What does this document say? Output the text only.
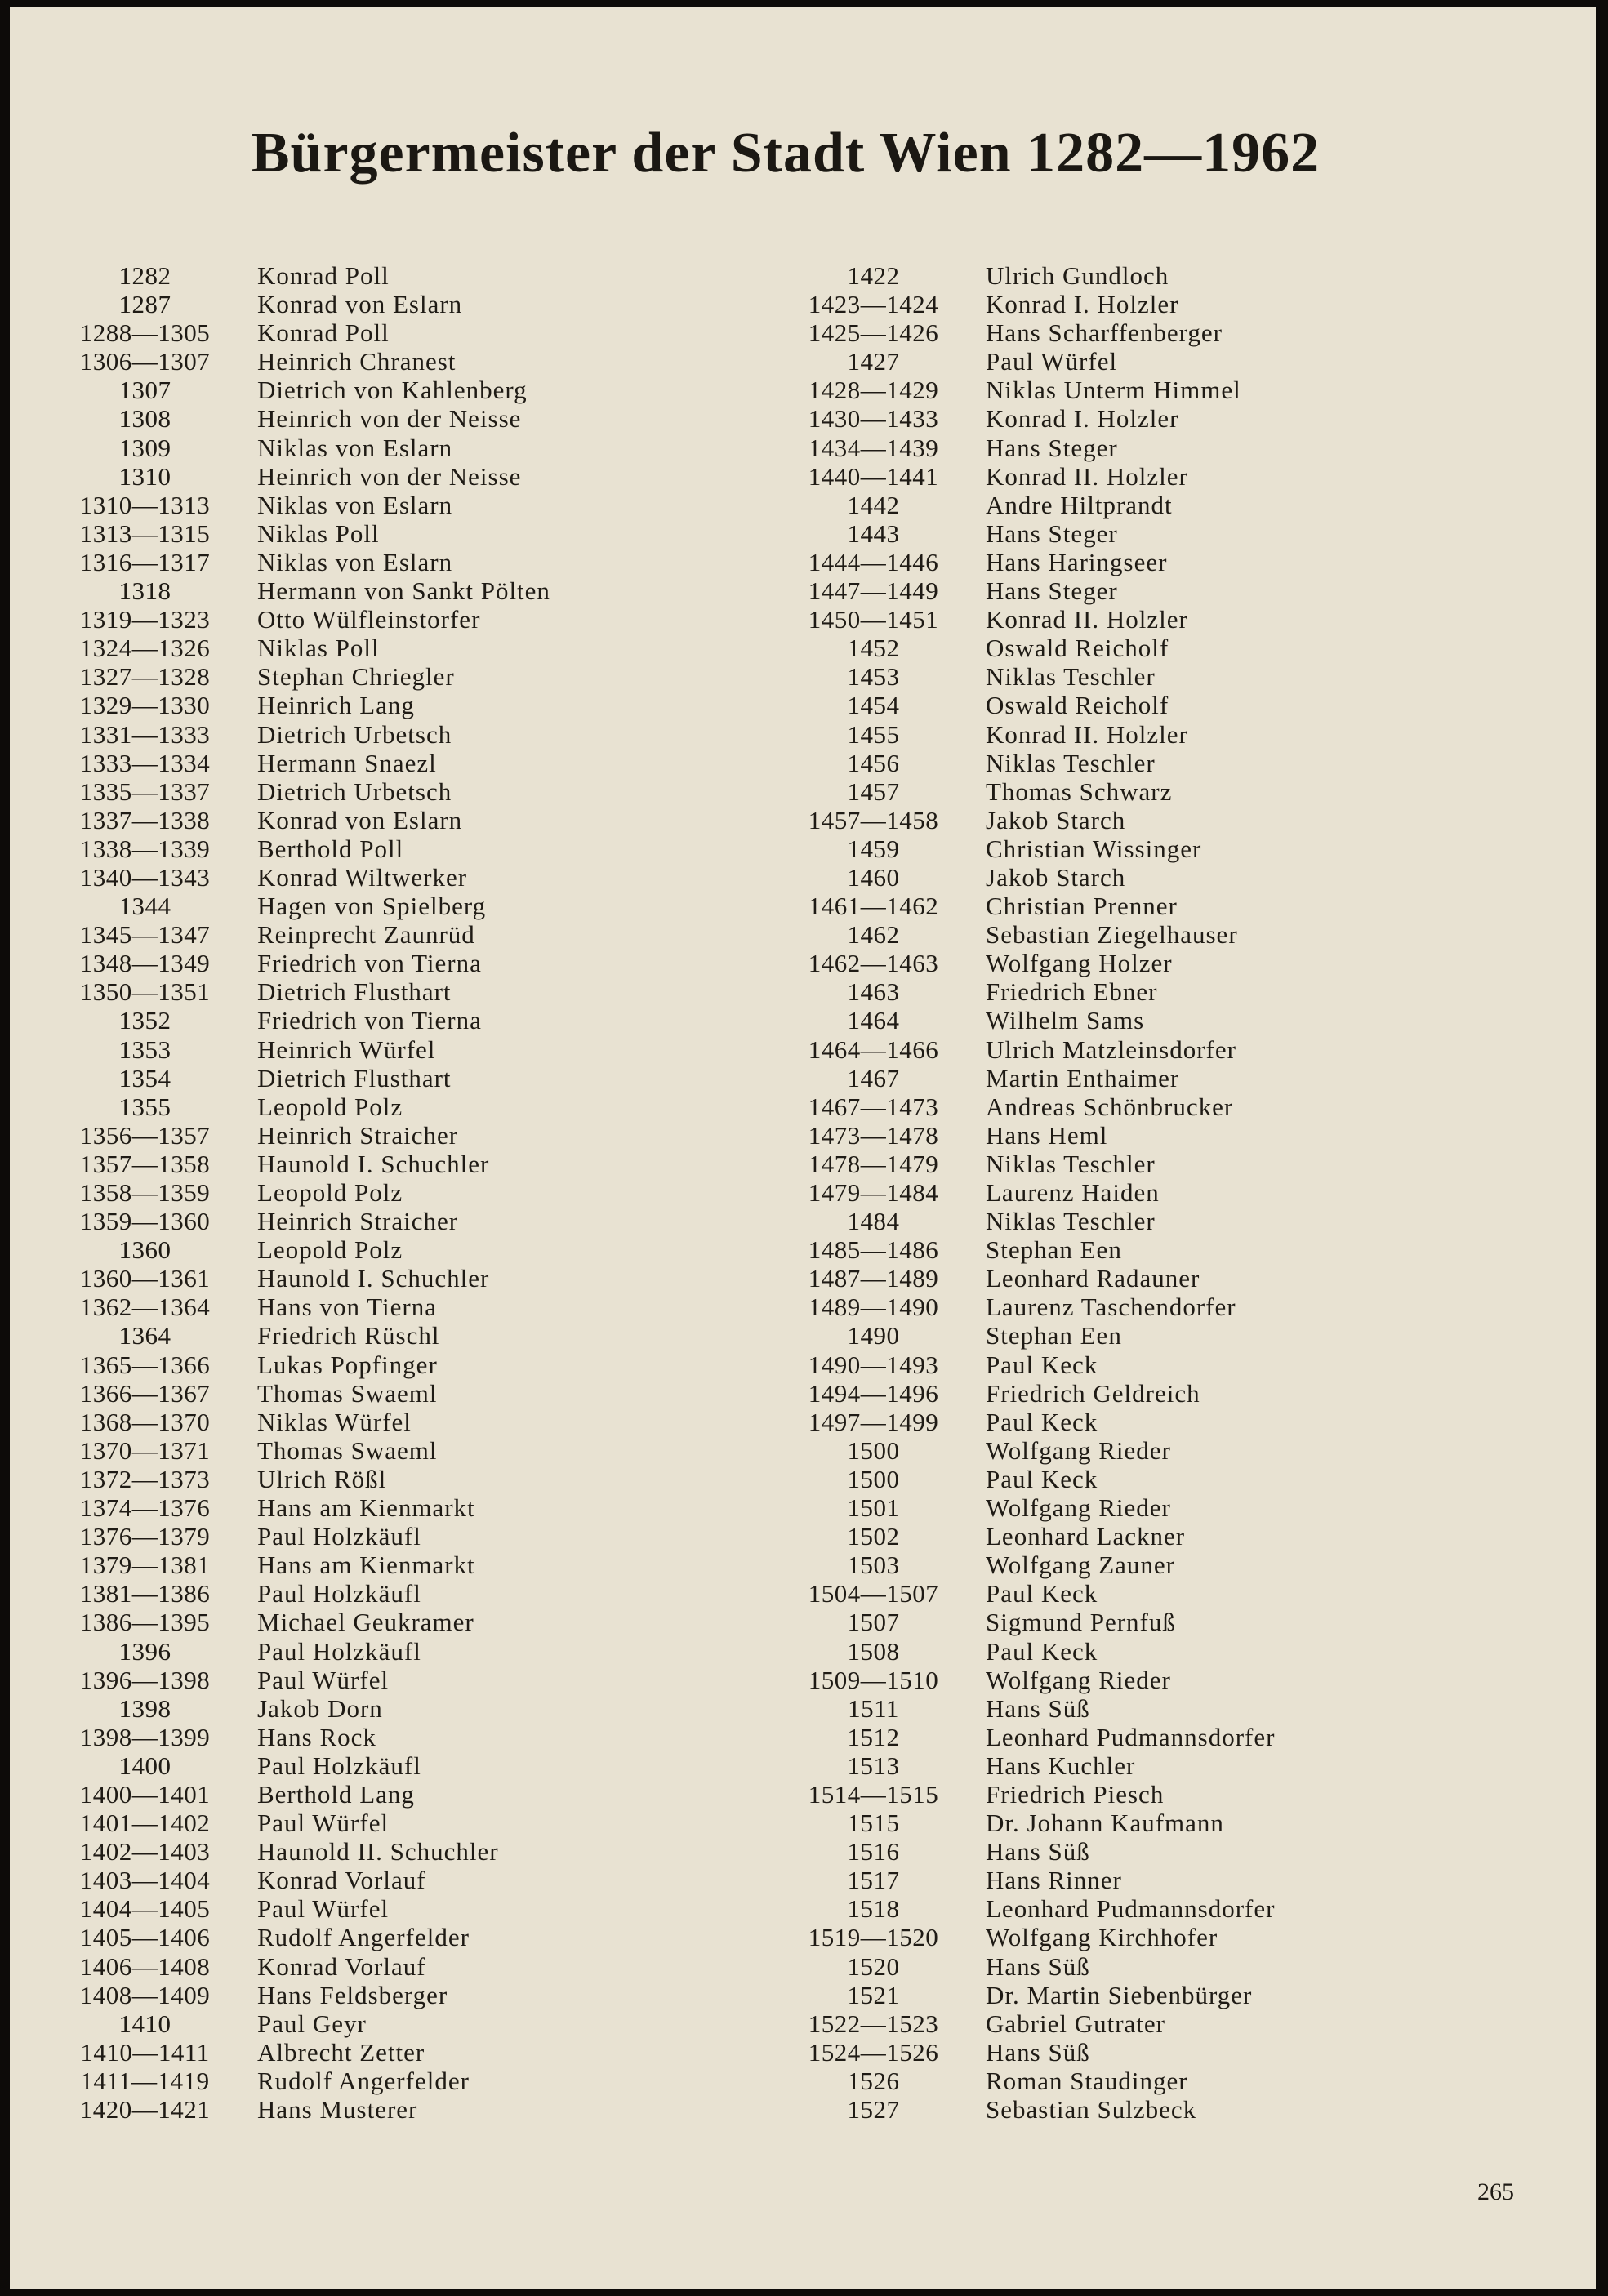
Bürgermeister der Stadt Wien 1282—1962
1282	Konrad Poll
1287	Konrad von Eslarn
1288—1305	Konrad Poll
1306—1307	Heinrich Chranest
1307	Dietrich von Kahlenberg
1308	Heinrich von der Neisse
1309	Niklas von Eslarn
1310	Heinrich von der Neisse
1310—1313	Niklas von Eslarn
1313—1315	Niklas Poll
1316—1317	Niklas von Eslarn
1318	Hermann von Sankt Pölten
1319—1323	Otto Wülfleinstorfer
1324—1326	Niklas Poll
1327—1328	Stephan Chriegler
1329—1330	Heinrich Lang
1331—1333	Dietrich Urbetsch
1333—1334	Hermann Snaezl
1335—1337	Dietrich Urbetsch
1337—1338	Konrad von Eslarn
1338—1339	Berthold Poll
1340—1343	Konrad Wiltwerker
1344	Hagen von Spielberg
1345—1347	Reinprecht Zaunrüd
1348—1349	Friedrich von Tierna
1350—1351	Dietrich Flusthart
1352	Friedrich von Tierna
1353	Heinrich Würfel
1354	Dietrich Flusthart
1355	Leopold Polz
1356—1357	Heinrich Straicher
1357—1358	Haunold I. Schuchler
1358—1359	Leopold Polz
1359—1360	Heinrich Straicher
1360	Leopold Polz
1360—1361	Haunold I. Schuchler
1362—1364	Hans von Tierna
1364	Friedrich Rüschl
1365—1366	Lukas Popfinger
1366—1367	Thomas Swaeml
1368—1370	Niklas Würfel
1370—1371	Thomas Swaeml
1372—1373	Ulrich Rößl
1374—1376	Hans am Kienmarkt
1376—1379	Paul Holzkäufl
1379—1381	Hans am Kienmarkt
1381—1386	Paul Holzkäufl
1386—1395	Michael Geukramer
1396	Paul Holzkäufl
1396—1398	Paul Würfel
1398	Jakob Dorn
1398—1399	Hans Rock
1400	Paul Holzkäufl
1400—1401	Berthold Lang
1401—1402	Paul Würfel
1402—1403	Haunold II. Schuchler
1403—1404	Konrad Vorlauf
1404—1405	Paul Würfel
1405—1406	Rudolf Angerfelder
1406—1408	Konrad Vorlauf
1408—1409	Hans Feldsberger
1410	Paul Geyr
1410—1411	Albrecht Zetter
1411—1419	Rudolf Angerfelder
1420—1421	Hans Musterer
1422	Ulrich Gundloch
1423—1424	Konrad I. Holzler
1425—1426	Hans Scharffenberger
1427	Paul Würfel
1428—1429	Niklas Unterm Himmel
1430—1433	Konrad I. Holzler
1434—1439	Hans Steger
1440—1441	Konrad II. Holzler
1442	Andre Hiltprandt
1443	Hans Steger
1444—1446	Hans Haringseer
1447—1449	Hans Steger
1450—1451	Konrad II. Holzler
1452	Oswald Reicholf
1453	Niklas Teschler
1454	Oswald Reicholf
1455	Konrad II. Holzler
1456	Niklas Teschler
1457	Thomas Schwarz
1457—1458	Jakob Starch
1459	Christian Wissinger
1460	Jakob Starch
1461—1462	Christian Prenner
1462	Sebastian Ziegelhauser
1462—1463	Wolfgang Holzer
1463	Friedrich Ebner
1464	Wilhelm Sams
1464—1466	Ulrich Matzleinsdorfer
1467	Martin Enthaimer
1467—1473	Andreas Schönbrucker
1473—1478	Hans Heml
1478—1479	Niklas Teschler
1479—1484	Laurenz Haiden
1484	Niklas Teschler
1485—1486	Stephan Een
1487—1489	Leonhard Radauner
1489—1490	Laurenz Taschendorfer
1490	Stephan Een
1490—1493	Paul Keck
1494—1496	Friedrich Geldreich
1497—1499	Paul Keck
1500	Wolfgang Rieder
1500	Paul Keck
1501	Wolfgang Rieder
1502	Leonhard Lackner
1503	Wolfgang Zauner
1504—1507	Paul Keck
1507	Sigmund Pernfuß
1508	Paul Keck
1509—1510	Wolfgang Rieder
1511	Hans Süß
1512	Leonhard Pudmannsdorfer
1513	Hans Kuchler
1514—1515	Friedrich Piesch
1515	Dr. Johann Kaufmann
1516	Hans Süß
1517	Hans Rinner
1518	Leonhard Pudmannsdorfer
1519—1520	Wolfgang Kirchhofer
1520	Hans Süß
1521	Dr. Martin Siebenbürger
1522—1523	Gabriel Gutrater
1524—1526	Hans Süß
1526	Roman Staudinger
1527	Sebastian Sulzbeck
265
